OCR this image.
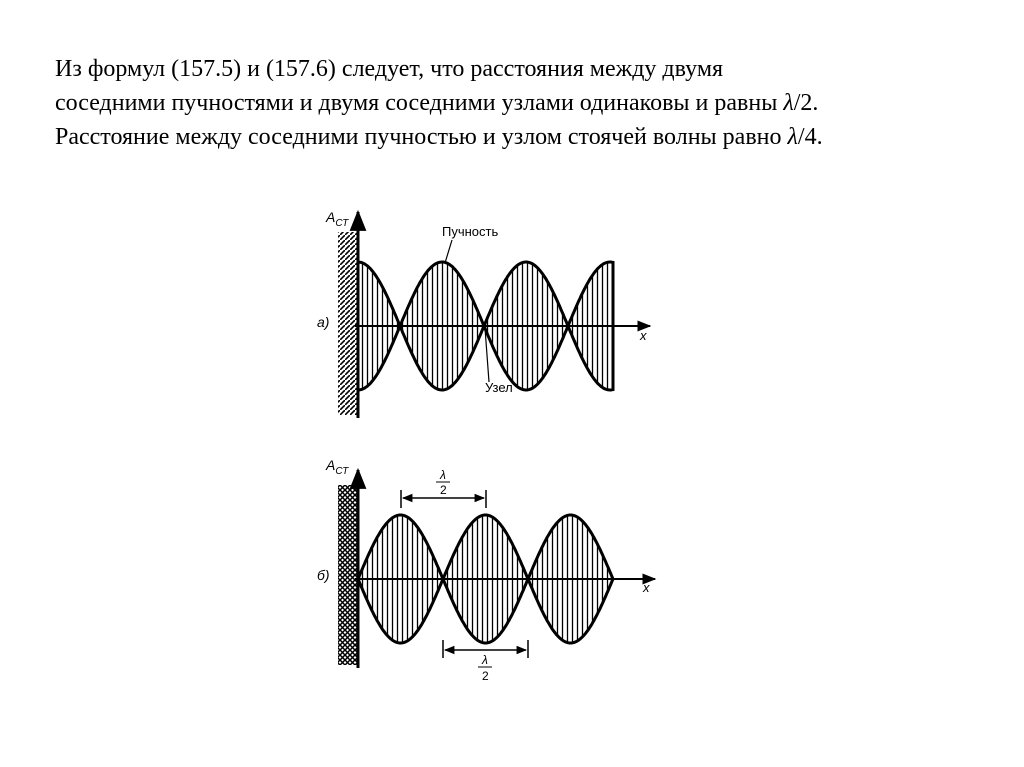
Из формул (157.5) и (157.6) следует, что расстояния между двумя
соседними пучностями и двумя соседними узлами одинаковы и равны λ/2.
Расстояние между соседними пучностью и узлом стоячей волны равно λ/4.
$A_{СТ}$
x
а)
Пучность
Узел
$A_{СТ}$
x
б)
λ
2
λ
2
